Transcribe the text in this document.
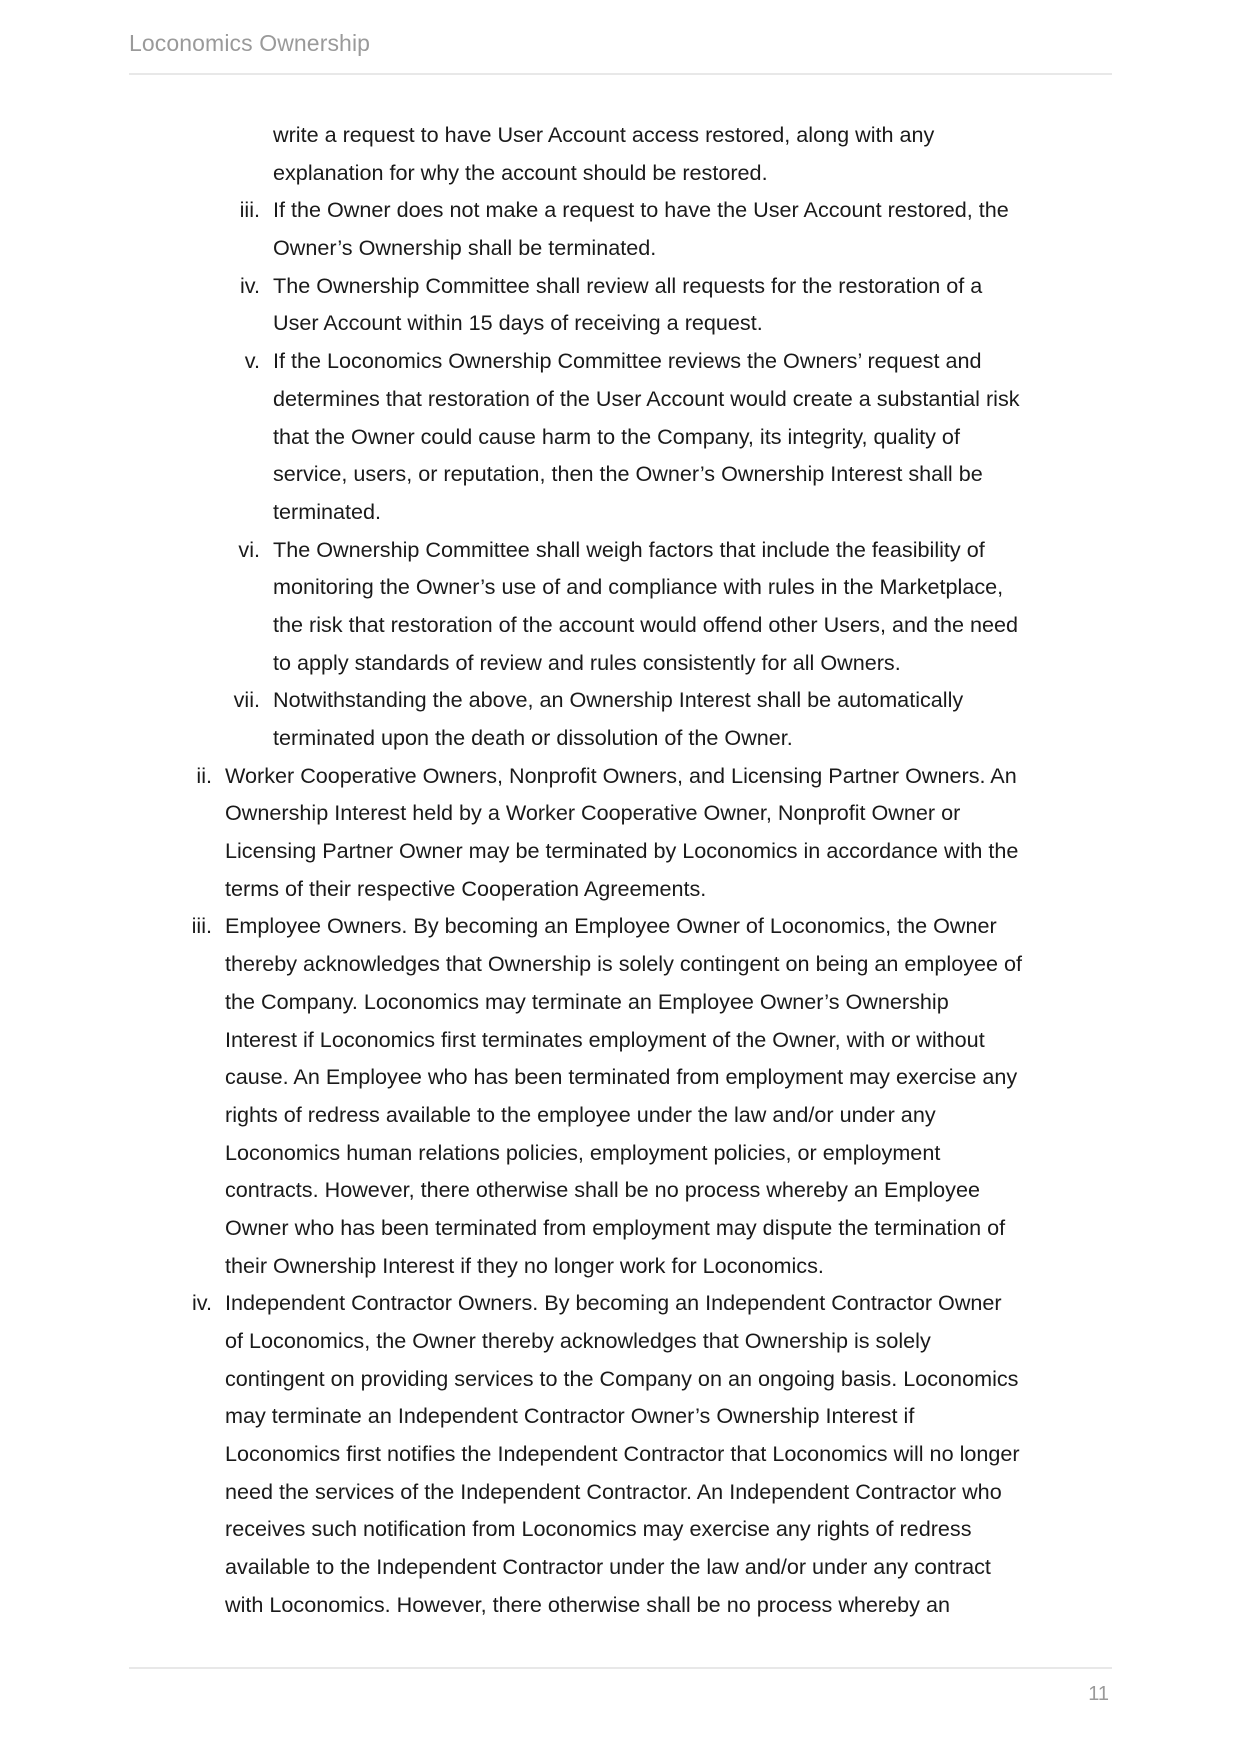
Loconomics Ownership
write a request to have User Account access restored, along with any
explanation for why the account should be restored.
iii. If the Owner does not make a request to have the User Account restored, the
Owner’s Ownership shall be terminated.
iv. The Ownership Committee shall review all requests for the restoration of a
User Account within 15 days of receiving a request.
v. If the Loconomics Ownership Committee reviews the Owners’ request and
determines that restoration of the User Account would create a substantial risk
that the Owner could cause harm to the Company, its integrity, quality of
service, users, or reputation, then the Owner’s Ownership Interest shall be
terminated.
vi. The Ownership Committee shall weigh factors that include the feasibility of
monitoring the Owner’s use of and compliance with rules in the Marketplace,
the risk that restoration of the account would offend other Users, and the need
to apply standards of review and rules consistently for all Owners.
vii. Notwithstanding the above, an Ownership Interest shall be automatically
terminated upon the death or dissolution of the Owner.
ii. Worker Cooperative Owners, Nonprofit Owners, and Licensing Partner Owners. An
Ownership Interest held by a Worker Cooperative Owner, Nonprofit Owner or
Licensing Partner Owner may be terminated by Loconomics in accordance with the
terms of their respective Cooperation Agreements.
iii. Employee Owners. By becoming an Employee Owner of Loconomics, the Owner
thereby acknowledges that Ownership is solely contingent on being an employee of
the Company. Loconomics may terminate an Employee Owner’s Ownership
Interest if Loconomics first terminates employment of the Owner, with or without
cause. An Employee who has been terminated from employment may exercise any
rights of redress available to the employee under the law and/or under any
Loconomics human relations policies, employment policies, or employment
contracts. However, there otherwise shall be no process whereby an Employee
Owner who has been terminated from employment may dispute the termination of
their Ownership Interest if they no longer work for Loconomics.
iv. Independent Contractor Owners. By becoming an Independent Contractor Owner
of Loconomics, the Owner thereby acknowledges that Ownership is solely
contingent on providing services to the Company on an ongoing basis. Loconomics
may terminate an Independent Contractor Owner’s Ownership Interest if
Loconomics first notifies the Independent Contractor that Loconomics will no longer
need the services of the Independent Contractor. An Independent Contractor who
receives such notification from Loconomics may exercise any rights of redress
available to the Independent Contractor under the law and/or under any contract
with Loconomics. However, there otherwise shall be no process whereby an
11
